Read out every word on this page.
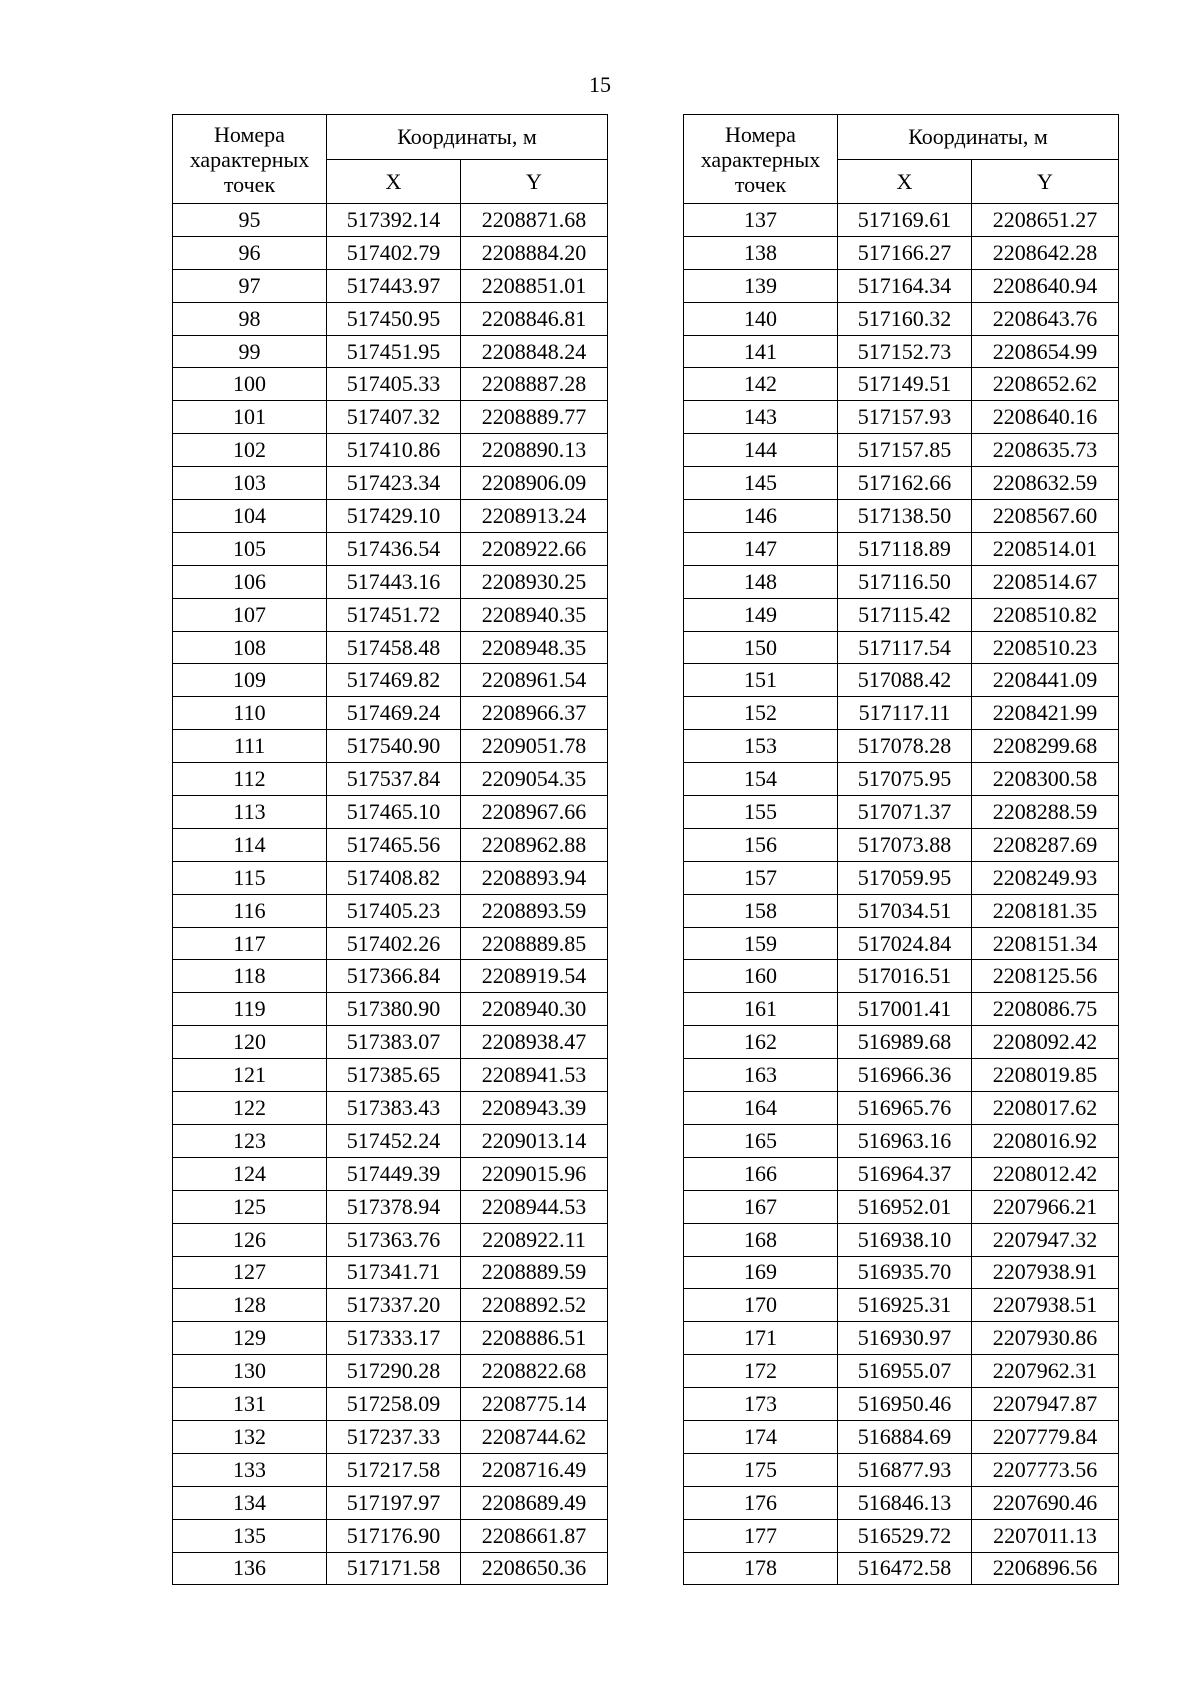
15
Номера характерных точек	Координаты, м	
	X	Y
95	517392.14	2208871.68
96	517402.79	2208884.20
97	517443.97	2208851.01
98	517450.95	2208846.81
99	517451.95	2208848.24
100	517405.33	2208887.28
101	517407.32	2208889.77
102	517410.86	2208890.13
103	517423.34	2208906.09
104	517429.10	2208913.24
105	517436.54	2208922.66
106	517443.16	2208930.25
107	517451.72	2208940.35
108	517458.48	2208948.35
109	517469.82	2208961.54
110	517469.24	2208966.37
111	517540.90	2209051.78
112	517537.84	2209054.35
113	517465.10	2208967.66
114	517465.56	2208962.88
115	517408.82	2208893.94
116	517405.23	2208893.59
117	517402.26	2208889.85
118	517366.84	2208919.54
119	517380.90	2208940.30
120	517383.07	2208938.47
121	517385.65	2208941.53
122	517383.43	2208943.39
123	517452.24	2209013.14
124	517449.39	2209015.96
125	517378.94	2208944.53
126	517363.76	2208922.11
127	517341.71	2208889.59
128	517337.20	2208892.52
129	517333.17	2208886.51
130	517290.28	2208822.68
131	517258.09	2208775.14
132	517237.33	2208744.62
133	517217.58	2208716.49
134	517197.97	2208689.49
135	517176.90	2208661.87
136	517171.58	2208650.36
Номера характерных точек	Координаты, м	
	X	Y
137	517169.61	2208651.27
138	517166.27	2208642.28
139	517164.34	2208640.94
140	517160.32	2208643.76
141	517152.73	2208654.99
142	517149.51	2208652.62
143	517157.93	2208640.16
144	517157.85	2208635.73
145	517162.66	2208632.59
146	517138.50	2208567.60
147	517118.89	2208514.01
148	517116.50	2208514.67
149	517115.42	2208510.82
150	517117.54	2208510.23
151	517088.42	2208441.09
152	517117.11	2208421.99
153	517078.28	2208299.68
154	517075.95	2208300.58
155	517071.37	2208288.59
156	517073.88	2208287.69
157	517059.95	2208249.93
158	517034.51	2208181.35
159	517024.84	2208151.34
160	517016.51	2208125.56
161	517001.41	2208086.75
162	516989.68	2208092.42
163	516966.36	2208019.85
164	516965.76	2208017.62
165	516963.16	2208016.92
166	516964.37	2208012.42
167	516952.01	2207966.21
168	516938.10	2207947.32
169	516935.70	2207938.91
170	516925.31	2207938.51
171	516930.97	2207930.86
172	516955.07	2207962.31
173	516950.46	2207947.87
174	516884.69	2207779.84
175	516877.93	2207773.56
176	516846.13	2207690.46
177	516529.72	2207011.13
178	516472.58	2206896.56
